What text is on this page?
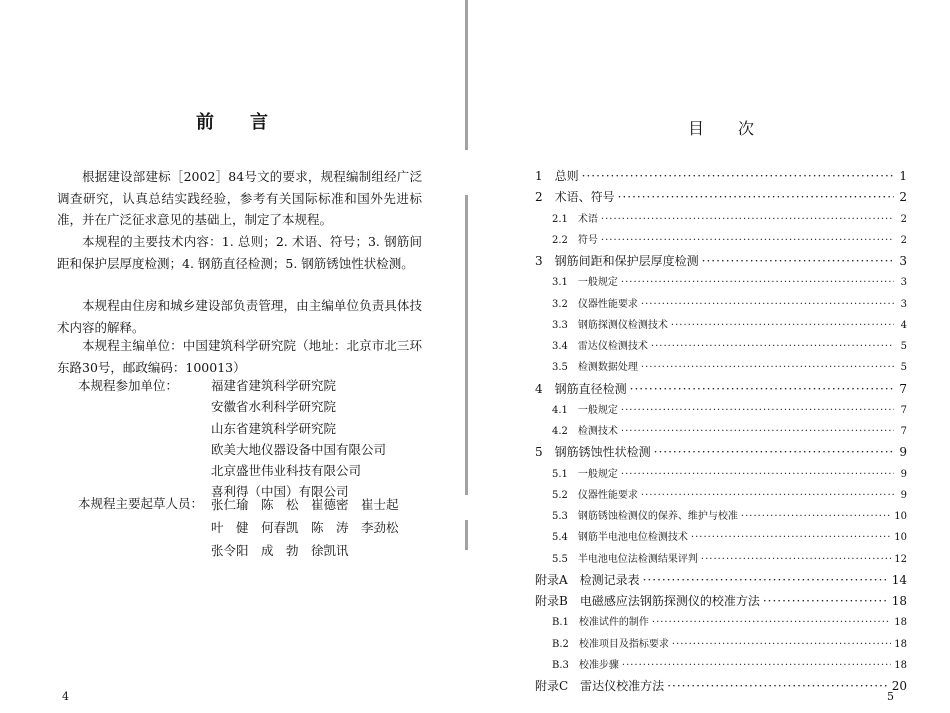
前言
根据建设部建标［2002］84号文的要求，规程编制组经广泛调查研究，认真总结实践经验，参考有关国际标准和国外先进标准，并在广泛征求意见的基础上，制定了本规程。
本规程的主要技术内容：1. 总则；2. 术语、符号；3. 钢筋间距和保护层厚度检测；4. 钢筋直径检测；5. 钢筋锈蚀性状检测。
本规程由住房和城乡建设部负责管理，由主编单位负责具体技术内容的解释。
本规程主编单位：中国建筑科学研究院（地址：北京市北三环东路30号，邮政编码：100013）
本规程参加单位：	福建省建筑科学研究院
安徽省水利科学研究院
山东省建筑科学研究院
欧美大地仪器设备中国有限公司
北京盛世伟业科技有限公司
喜利得（中国）有限公司
本规程主要起草人员： 张仁瑜　陈　松　崔德密　崔士起
叶　健　何春凯　陈　涛　李劲松
张令阳　成　勃　徐凯讯
4
目次
1　总则 ·····	1
2　术语、符号 ·····	2
2.1　术语 ·····	2
2.2　符号 ·····	2
3　钢筋间距和保护层厚度检测 ·····	3
3.1　一般规定 ·····	3
3.2　仪器性能要求 ·····	3
3.3　钢筋探测仪检测技术 ·····	4
3.4　雷达仪检测技术 ·····	5
3.5　检测数据处理 ·····	5
4　钢筋直径检测 ·····	7
4.1　一般规定 ·····	7
4.2　检测技术 ·····	7
5　钢筋锈蚀性状检测 ·····	9
5.1　一般规定 ·····	9
5.2　仪器性能要求 ·····	9
5.3　钢筋锈蚀检测仪的保养、维护与校准 ·····	10
5.4　钢筋半电池电位检测技术 ·····	10
5.5　半电池电位法检测结果评判 ·····	12
附录A　检测记录表 ·····	14
附录B　电磁感应法钢筋探测仪的校准方法 ·····	18
B.1　校准试件的制作 ·····	18
B.2　校准项目及指标要求 ·····	18
B.3　校准步骤 ·····	18
附录C　雷达仪校准方法 ·····	20
5
